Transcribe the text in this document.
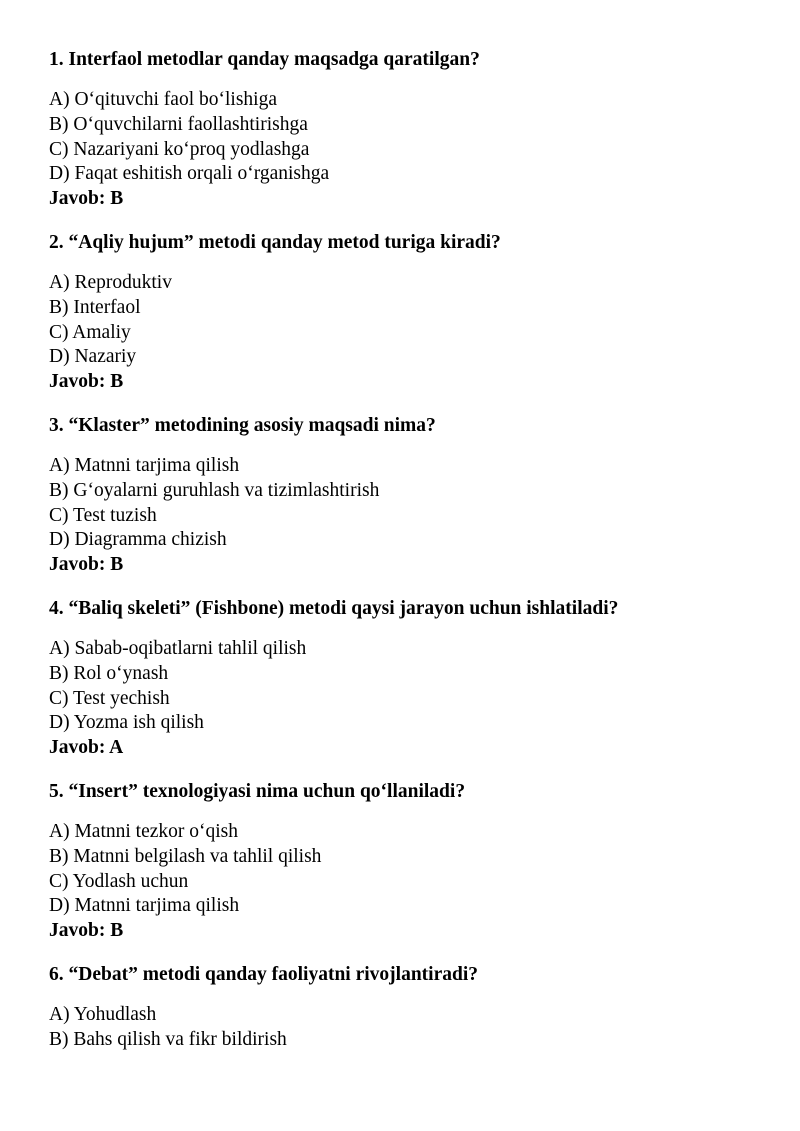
1. Interfaol metodlar qanday maqsadga qaratilgan?
A) O‘qituvchi faol bo‘lishiga
B) O‘quvchilarni faollashtirishga
C) Nazariyani ko‘proq yodlashga
D) Faqat eshitish orqali o‘rganishga
Javob: B
2. “Aqliy hujum” metodi qanday metod turiga kiradi?
A) Reproduktiv
B) Interfaol
C) Amaliy
D) Nazariy
Javob: B
3. “Klaster” metodining asosiy maqsadi nima?
A) Matnni tarjima qilish
B) G‘oyalarni guruhlash va tizimlashtirish
C) Test tuzish
D) Diagramma chizish
Javob: B
4. “Baliq skeleti” (Fishbone) metodi qaysi jarayon uchun ishlatiladi?
A) Sabab-oqibatlarni tahlil qilish
B) Rol o‘ynash
C) Test yechish
D) Yozma ish qilish
Javob: A
5. “Insert” texnologiyasi nima uchun qo‘llaniladi?
A) Matnni tezkor o‘qish
B) Matnni belgilash va tahlil qilish
C) Yodlash uchun
D) Matnni tarjima qilish
Javob: B
6. “Debat” metodi qanday faoliyatni rivojlantiradi?
A) Yohudlash
B) Bahs qilish va fikr bildirish
